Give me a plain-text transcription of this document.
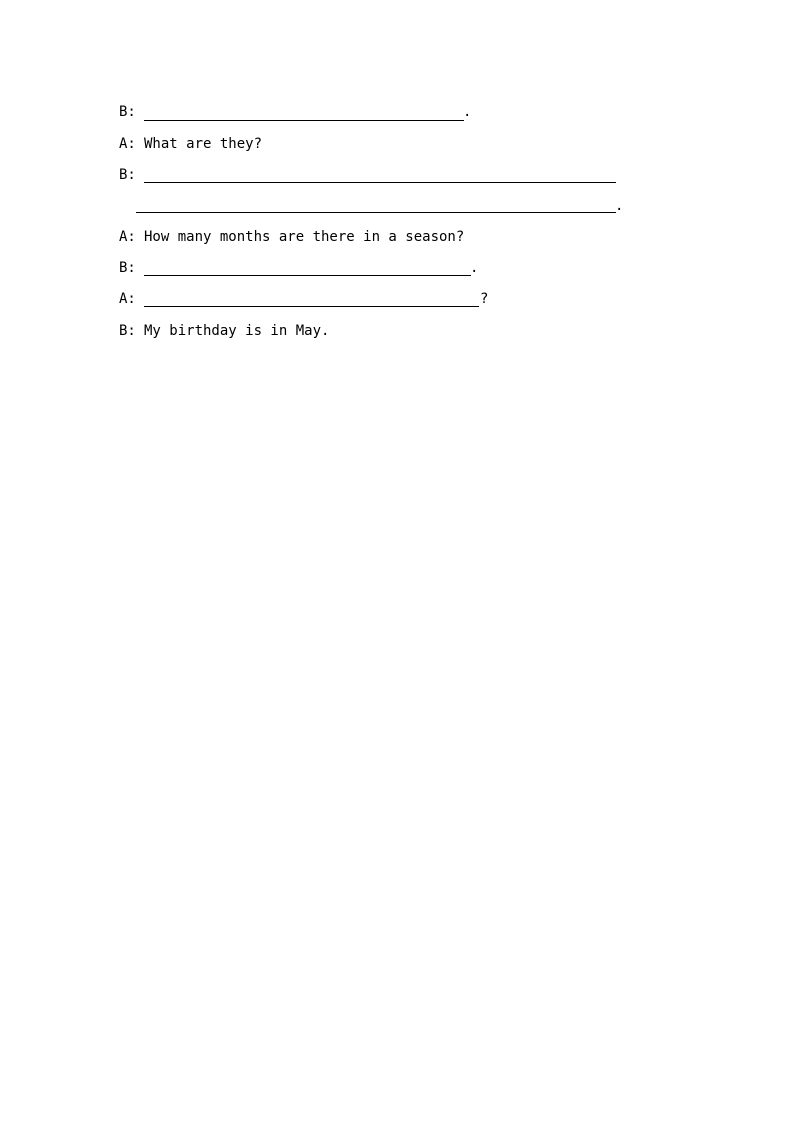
B:	.
A: What are they?
B:
.
A: How many months are there in a season?
B:	.
A:	?
B: My birthday is in May.
